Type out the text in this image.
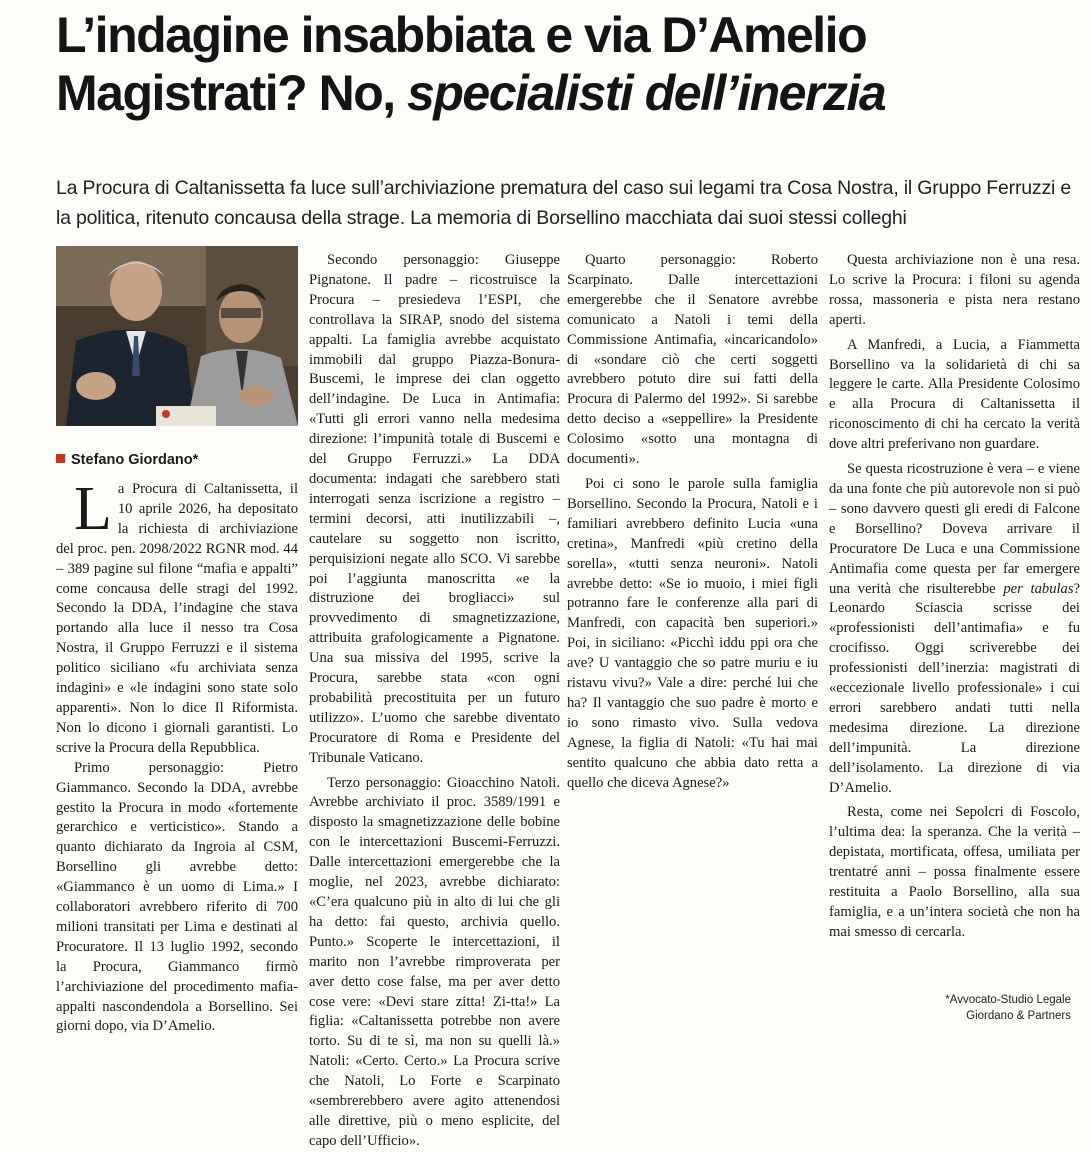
L’indagine insabbiata e via D’Amelio
Magistrati? No, specialisti dell’inerzia
La Procura di Caltanissetta fa luce sull’archiviazione prematura del caso sui legami tra Cosa Nostra, il Gruppo Ferruzzi e la politica, ritenuto concausa della strage. La memoria di Borsellino macchiata dai suoi stessi colleghi
Stefano Giordano*

La Procura di Caltanissetta, il 10 aprile 2026, ha depositato la richiesta di archiviazione del proc. pen. 2098/2022 RGNR mod. 44 – 389 pagine sul filone “mafia e appalti” come concausa delle stragi del 1992. Secondo la DDA, l’indagine che stava portando alla luce il nesso tra Cosa Nostra, il Gruppo Ferruzzi e il sistema politico siciliano «fu archiviata senza indagini» e «le indagini sono state solo apparenti». Non lo dice Il Riformista. Non lo dicono i giornali garantisti. Lo scrive la Procura della Repubblica.

Primo personaggio: Pietro Giammanco. Secondo la DDA, avrebbe gestito la Procura in modo «fortemente gerarchico e verticistico». Stando a quanto dichiarato da Ingroia al CSM, Borsellino gli avrebbe detto: «Giammanco è un uomo di Lima.» I collaboratori avrebbero riferito di 700 milioni transitati per Lima e destinati al Procuratore. Il 13 luglio 1992, secondo la Procura, Giammanco firmò l’archiviazione del procedimento mafia-appalti nascondendola a Borsellino. Sei giorni dopo, via D’Amelio.

Secondo personaggio: Giuseppe Pignatone. Il padre – ricostruisce la Procura – presiedeva l’ESPI, che controllava la SIRAP, snodo del sistema appalti. La famiglia avrebbe acquistato immobili dal gruppo Piazza-Bonura-Buscemi, le imprese dei clan oggetto dell’indagine. De Luca in Antimafia: «Tutti gli errori vanno nella medesima direzione: l’impunità totale di Buscemi e del Gruppo Ferruzzi.» La DDA documenta: indagati che sarebbero stati interrogati senza iscrizione a registro – termini decorsi, atti inutilizzabili –, cautelare su soggetto non iscritto, perquisizioni negate allo SCO. Vi sarebbe poi l’aggiunta manoscritta «e la distruzione dei brogliacci» sul provvedimento di smagnetizzazione, attribuita grafologicamente a Pignatone. Una sua missiva del 1995, scrive la Procura, sarebbe stata «con ogni probabilità precostituita per un futuro utilizzo». L’uomo che sarebbe diventato Procuratore di Roma e Presidente del Tribunale Vaticano.

Terzo personaggio: Gioacchino Natoli. Avrebbe archiviato il proc. 3589/1991 e disposto la smagnetizzazione delle bobine con le intercettazioni Buscemi-Ferruzzi. Dalle intercettazioni emergerebbe che la moglie, nel 2023, avrebbe dichiarato: «C’era qualcuno più in alto di lui che gli ha detto: fai questo, archivia quello. Punto.» Scoperte le intercettazioni, il marito non l’avrebbe rimproverata per aver detto cose false, ma per aver detto cose vere: «Devi stare zitta! Zi-tta!» La figlia: «Caltanissetta potrebbe non avere torto. Su di te sì, ma non su quelli là.» Natoli: «Certo. Certo.» La Procura scrive che Natoli, Lo Forte e Scarpinato «sembrerebbero avere agito attenendosi alle direttive, più o meno esplicite, del capo dell’Ufficio».

Quarto personaggio: Roberto Scarpinato. Dalle intercettazioni emergerebbe che il Senatore avrebbe comunicato a Natoli i temi della Commissione Antimafia, «incaricandolo» di «sondare ciò che certi soggetti avrebbero potuto dire sui fatti della Procura di Palermo del 1992». Si sarebbe detto deciso a «seppellire» la Presidente Colosimo «sotto una montagna di documenti».

Poi ci sono le parole sulla famiglia Borsellino. Secondo la Procura, Natoli e i familiari avrebbero definito Lucia «una cretina», Manfredi «più cretino della sorella», «tutti senza neuroni». Natoli avrebbe detto: «Se io muoio, i miei figli potranno fare le conferenze alla pari di Manfredi, con capacità ben superiori.» Poi, in siciliano: «Picchì iddu ppi ora che ave? U vantaggio che so patre muriu e iu ristavu vivu?» Vale a dire: perché lui che ha? Il vantaggio che suo padre è morto e io sono rimasto vivo. Sulla vedova Agnese, la figlia di Natoli: «Tu hai mai sentito qualcuno che abbia dato retta a quello che diceva Agnese?»

Questa archiviazione non è una resa. Lo scrive la Procura: i filoni su agenda rossa, massoneria e pista nera restano aperti.

A Manfredi, a Lucia, a Fiammetta Borsellino va la solidarietà di chi sa leggere le carte. Alla Presidente Colosimo e alla Procura di Caltanissetta il riconoscimento di chi ha cercato la verità dove altri preferivano non guardare.

Se questa ricostruzione è vera – e viene da una fonte che più autorevole non si può – sono davvero questi gli eredi di Falcone e Borsellino? Doveva arrivare il Procuratore De Luca e una Commissione Antimafia come questa per far emergere una verità che risulterebbe per tabulas? Leonardo Sciascia scrisse dei «professionisti dell’antimafia» e fu crocifisso. Oggi scriverebbe dei professionisti dell’inerzia: magistrati di «eccezionale livello professionale» i cui errori sarebbero andati tutti nella medesima direzione. La direzione dell’impunità. La direzione dell’isolamento. La direzione di via D’Amelio.

Resta, come nei Sepolcri di Foscolo, l’ultima dea: la speranza. Che la verità – depistata, mortificata, offesa, umiliata per trentatré anni – possa finalmente essere restituita a Paolo Borsellino, alla sua famiglia, e a un’intera società che non ha mai smesso di cercarla.

*Avvocato-Studio Legale
Giordano & Partners
